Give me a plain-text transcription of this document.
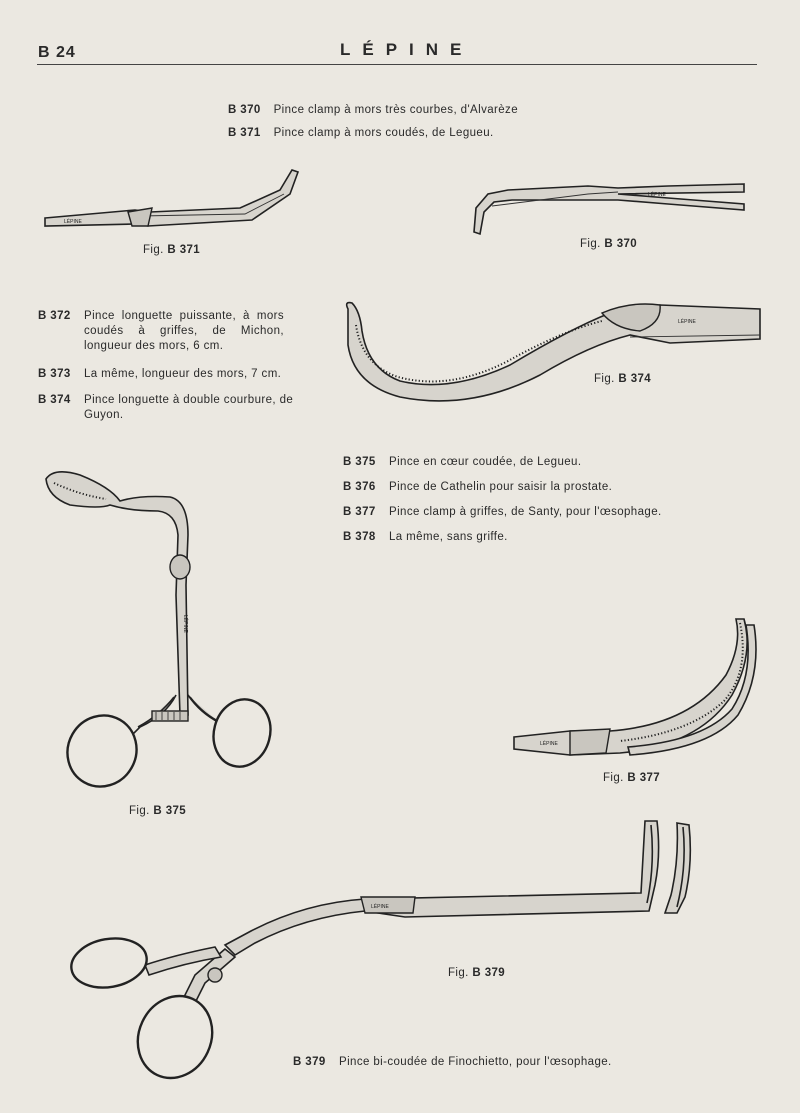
B 24	LÉPINE
B 370 Pince clamp à mors très courbes, d'Alvarèze
B 371 Pince clamp à mors coudés, de Legueu.
LÉPINE
Fig. B 371
LÉPINE
Fig. B 370
B 372 Pince longuette puissante, à mors coudés à griffes, de Michon, longueur des mors, 6 cm.
B 373 La même, longueur des mors, 7 cm.
B 374 Pince longuette à double courbure, de Guyon.
LÉPINE
Fig. B 374
B 375 Pince en cœur coudée, de Legueu.
B 376 Pince de Cathelin pour saisir la prostate.
B 377 Pince clamp à griffes, de Santy, pour l'œsophage.
B 378 La même, sans griffe.
LÉPINE
Fig. B 375
LÉPINE
Fig. B 377
LÉPINE
Fig. B 379
B 379 Pince bi-coudée de Finochietto, pour l'œsophage.
